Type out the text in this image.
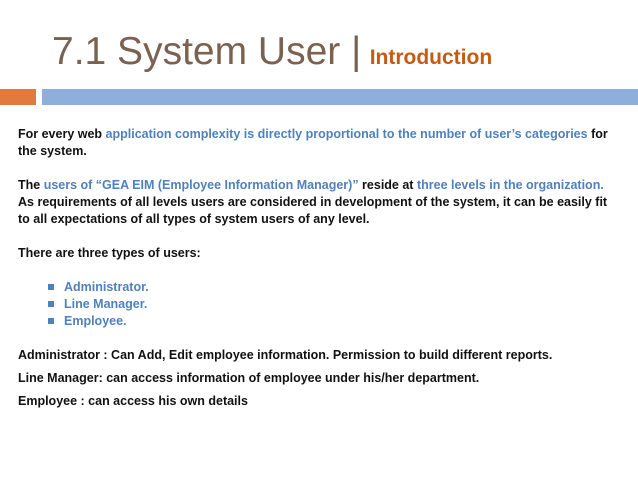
7.1 System User | Introduction

For every web application complexity is directly proportional to the number of user’s categories for the system.

The users of “GEA EIM (Employee Information Manager)” reside at three levels in the organization. As requirements of all levels users are considered in development of the system, it can be easily fit to all expectations of all types of system users of any level.

There are three types of users:

Administrator.
Line Manager.
Employee.

Administrator : Can Add, Edit employee information. Permission to build different reports.

Line Manager: can access information of employee under his/her department.

Employee : can access his own details
